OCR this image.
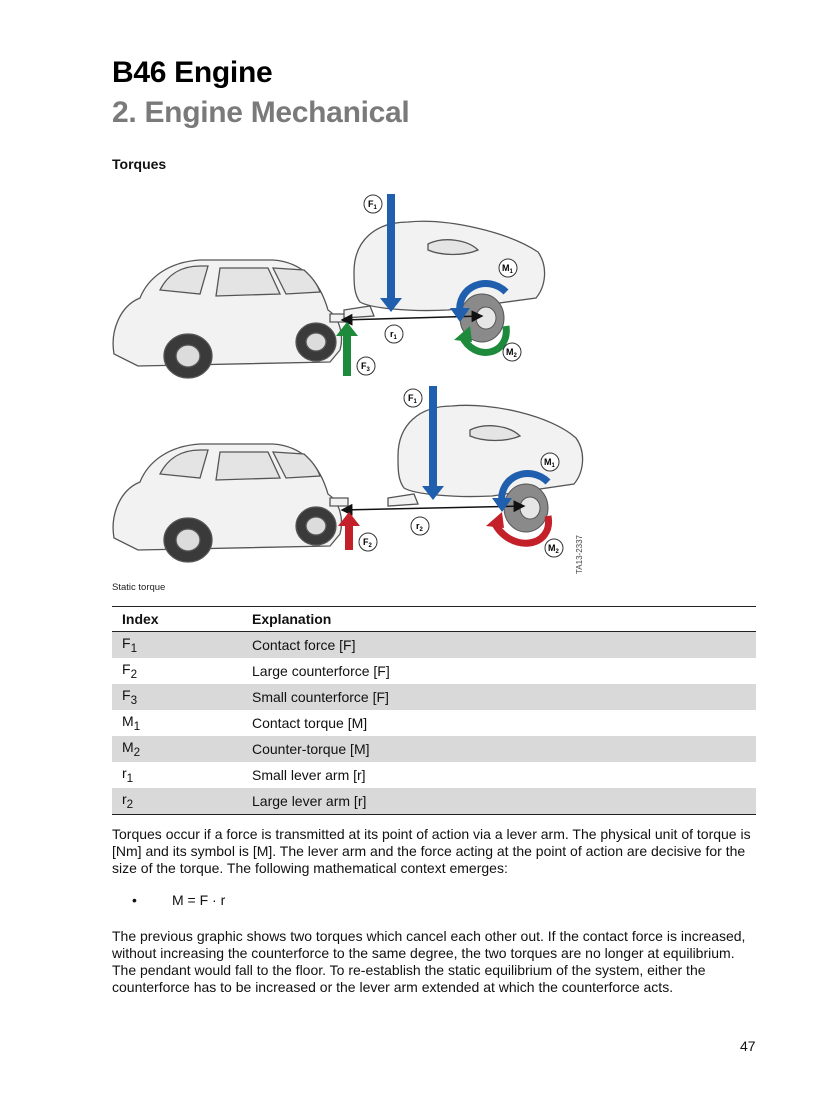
B46 Engine
2. Engine Mechanical
Torques
$F_1$
$F_3$
$r_1$
$M_1$
$M_2$
$F_1$
$F_2$
$r_2$
$M_1$
$M_2$ TA13-2337
Static torque
Index	Explanation
$F_1$	Contact force [F]
$F_2$	Large counterforce [F]
$F_3$	Small counterforce [F]
$M_1$	Contact torque [M]
$M_2$	Counter-torque [M]
$r_1$	Small lever arm [r]
$r_2$	Large lever arm [r]
Torques occur if a force is transmitted at its point of action via a lever arm. The physical unit of torque is [Nm] and its symbol is [M]. The lever arm and the force acting at the point of action are decisive for the size of the torque. The following mathematical context emerges:
•	M = F · r
The previous graphic shows two torques which cancel each other out. If the contact force is increased, without increasing the counterforce to the same degree, the two torques are no longer at equilibrium. The pendant would fall to the floor. To re-establish the static equilibrium of the system, either the counterforce has to be increased or the lever arm extended at which the counterforce acts.
47
